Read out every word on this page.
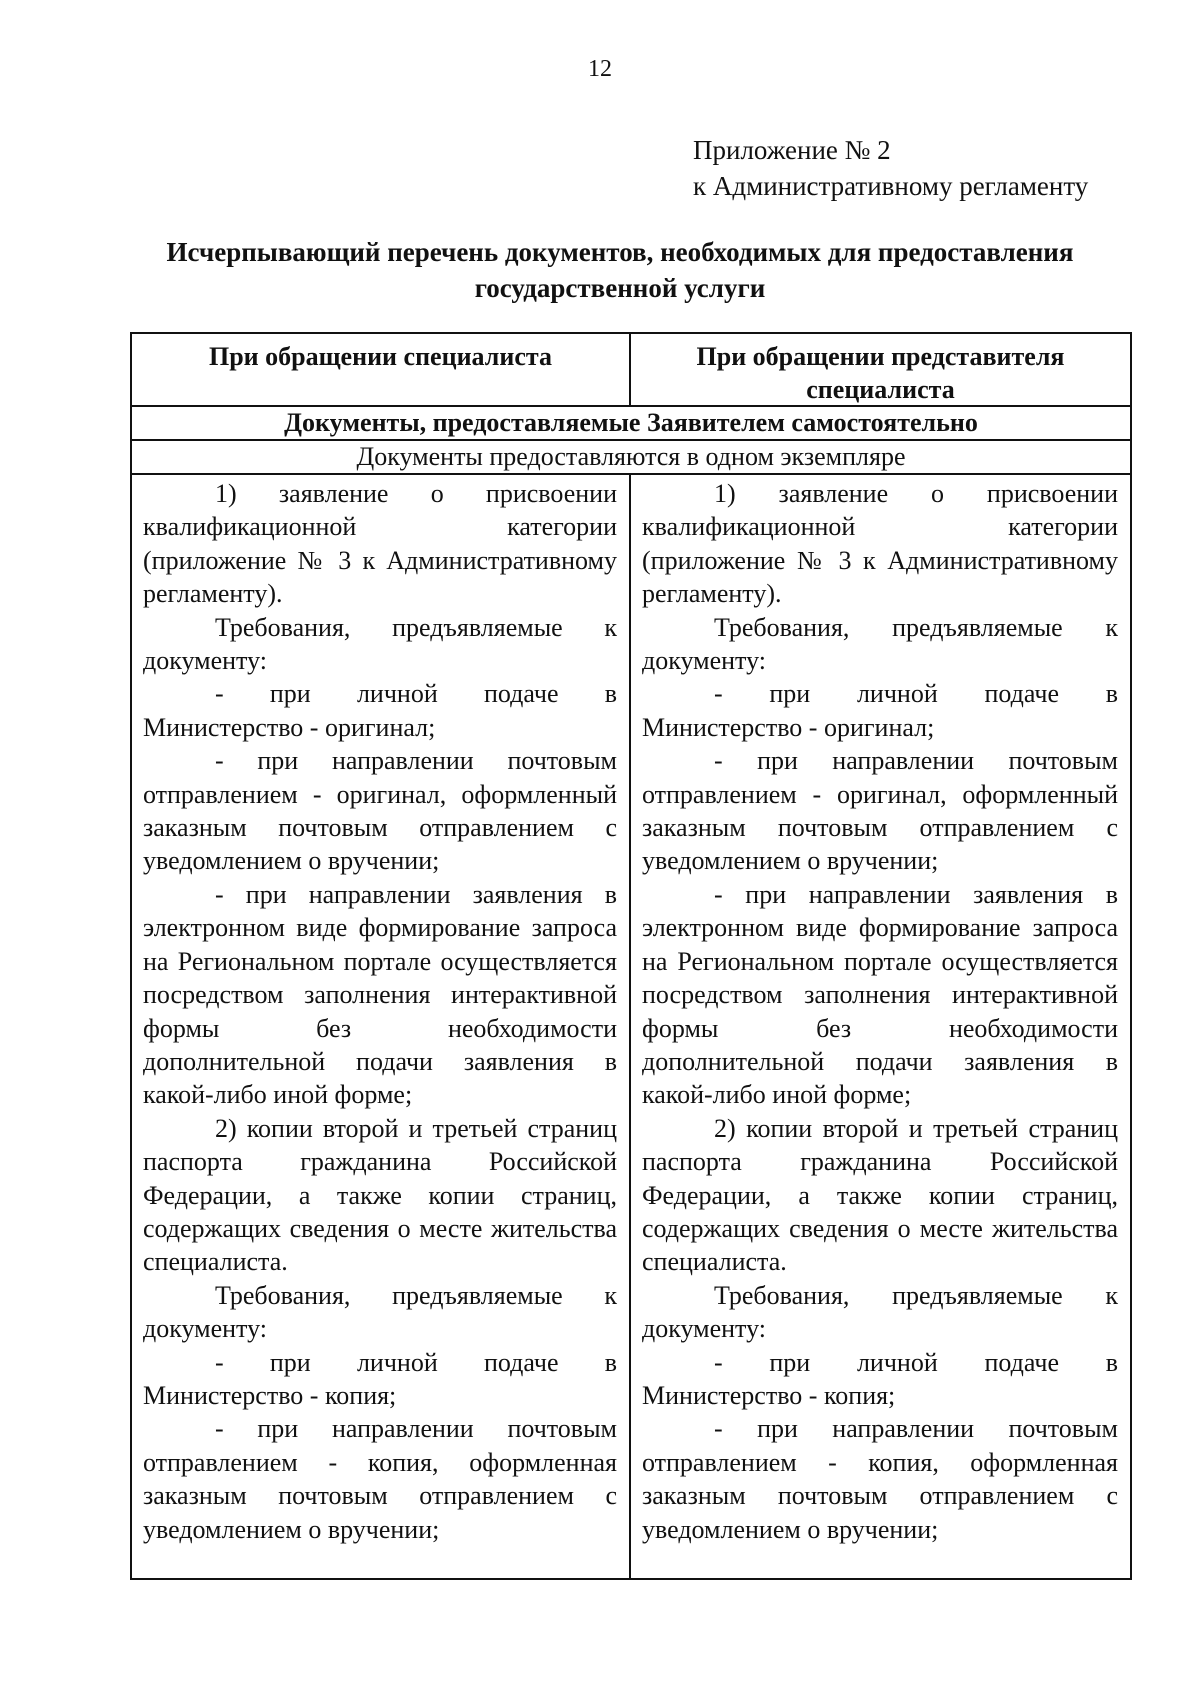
12
Приложение № 2
к Административному регламенту
Исчерпывающий перечень документов, необходимых для предоставления
государственной услуги
При обращении специалиста	При обращении представителя специалиста
Документы, предоставляемые Заявителем самостоятельно
Документы предоставляются в одном экземпляре

1) заявление о присвоении квалификационной категории (приложение № 3 к Административному регламенту).

Требования, предъявляемые к документу:

- при личной подаче в Министерство - оригинал;

- при направлении почтовым отправлением - оригинал, оформленный заказным почтовым отправлением с уведомлением о вручении;

- при направлении заявления в электронном виде формирование запроса на Региональном портале осуществляется посредством заполнения интерактивной формы без необходимости дополнительной подачи заявления в какой-либо иной форме;

2) копии второй и третьей страниц паспорта гражданина Российской Федерации, а также копии страниц, содержащих сведения о месте жительства специалиста.

Требования, предъявляемые к документу:

- при личной подаче в Министерство - копия;

- при направлении почтовым отправлением - копия, оформленная заказным почтовым отправлением с уведомлением о вручении;

1) заявление о присвоении квалификационной категории (приложение № 3 к Административному регламенту).

Требования, предъявляемые к документу:

- при личной подаче в Министерство - оригинал;

- при направлении почтовым отправлением - оригинал, оформленный заказным почтовым отправлением с уведомлением о вручении;

- при направлении заявления в электронном виде формирование запроса на Региональном портале осуществляется посредством заполнения интерактивной формы без необходимости дополнительной подачи заявления в какой-либо иной форме;

2) копии второй и третьей страниц паспорта гражданина Российской Федерации, а также копии страниц, содержащих сведения о месте жительства специалиста.

Требования, предъявляемые к документу:

- при личной подаче в Министерство - копия;

- при направлении почтовым отправлением - копия, оформленная заказным почтовым отправлением с уведомлением о вручении;
